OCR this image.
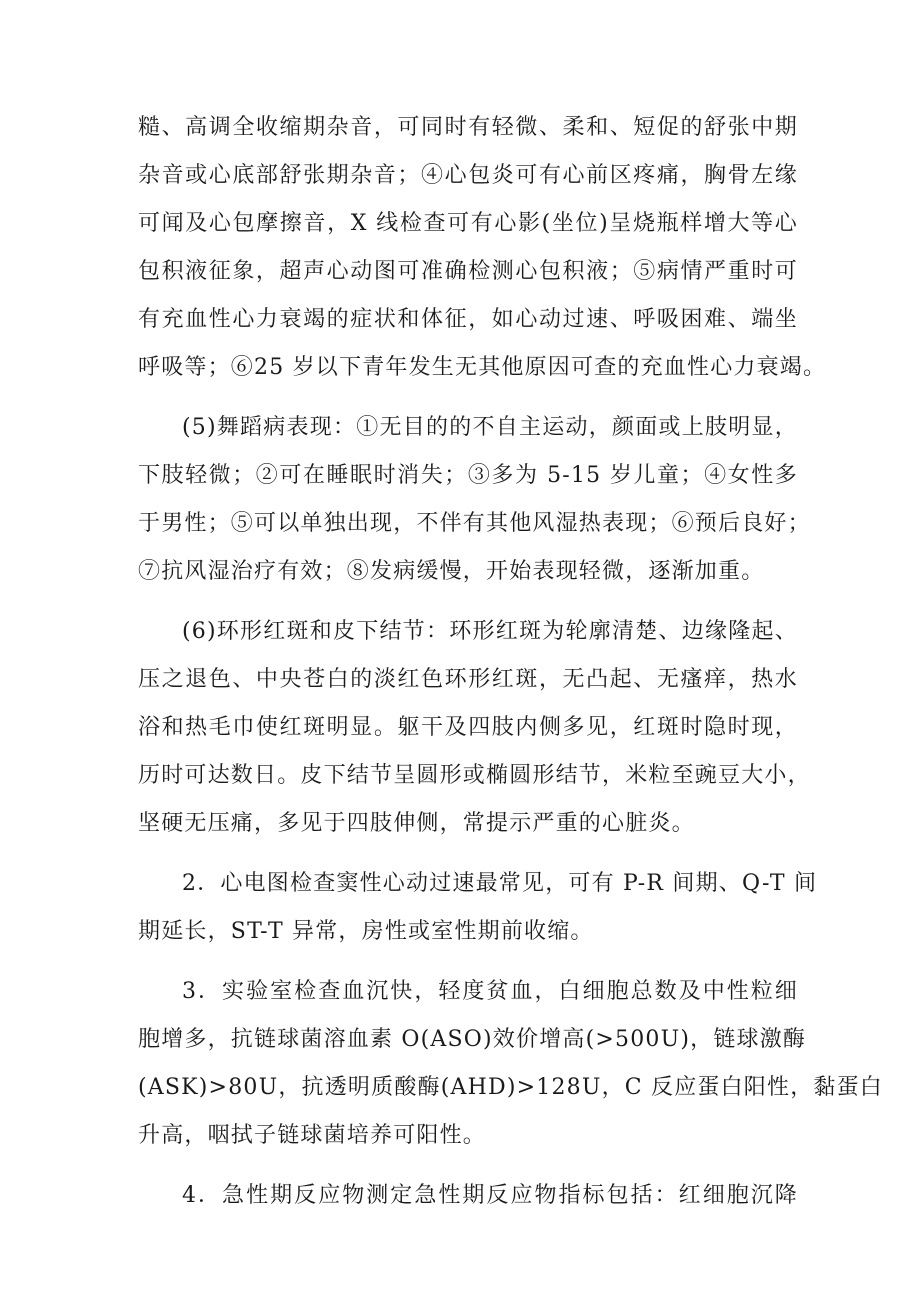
糙、高调全收缩期杂音，可同时有轻微、柔和、短促的舒张中期
杂音或心底部舒张期杂音；④心包炎可有心前区疼痛，胸骨左缘
可闻及心包摩擦音，X 线检查可有心影(坐位)呈烧瓶样增大等心
包积液征象，超声心动图可准确检测心包积液；⑤病情严重时可
有充血性心力衰竭的症状和体征，如心动过速、呼吸困难、端坐
呼吸等；⑥25 岁以下青年发生无其他原因可查的充血性心力衰竭。
(5)舞蹈病表现：①无目的的不自主运动，颜面或上肢明显，
下肢轻微；②可在睡眠时消失；③多为 5-15 岁儿童；④女性多
于男性；⑤可以单独出现，不伴有其他风湿热表现；⑥预后良好；
⑦抗风湿治疗有效；⑧发病缓慢，开始表现轻微，逐渐加重。
(6)环形红斑和皮下结节：环形红斑为轮廓清楚、边缘隆起、
压之退色、中央苍白的淡红色环形红斑，无凸起、无瘙痒，热水
浴和热毛巾使红斑明显。躯干及四肢内侧多见，红斑时隐时现，
历时可达数日。皮下结节呈圆形或椭圆形结节，米粒至豌豆大小，
坚硬无压痛，多见于四肢伸侧，常提示严重的心脏炎。
2．心电图检查窦性心动过速最常见，可有 P-R 间期、Q-T 间
期延长，ST-T 异常，房性或室性期前收缩。
3．实验室检查血沉快，轻度贫血，白细胞总数及中性粒细
胞增多，抗链球菌溶血素 O(ASO)效价增高(>500U)，链球激酶
(ASK)>80U，抗透明质酸酶(AHD)>128U，C 反应蛋白阳性，黏蛋白
升高，咽拭子链球菌培养可阳性。
4．急性期反应物测定急性期反应物指标包括：红细胞沉降
